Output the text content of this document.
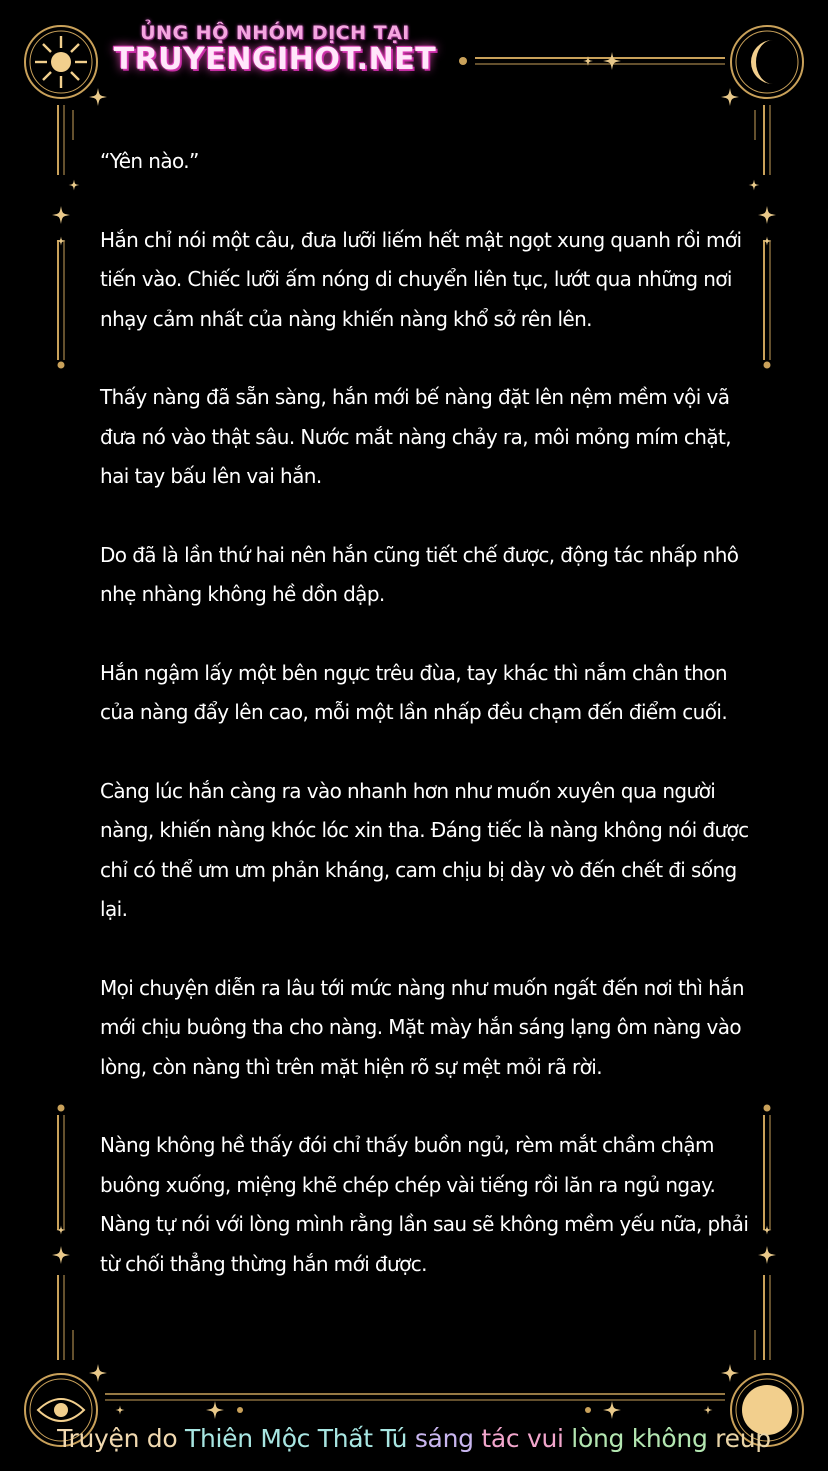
ỦNG HỘ NHÓM DỊCH TẠI
TRUYENGIHOT.NET

“Yên nào.”

Hắn chỉ nói một câu, đưa lưỡi liếm hết mật ngọt xung quanh rồi mới tiến vào. Chiếc lưỡi ấm nóng di chuyển liên tục, lướt qua những nơi nhạy cảm nhất của nàng khiến nàng khổ sở rên lên.

Thấy nàng đã sẵn sàng, hắn mới bế nàng đặt lên nệm mềm vội vã đưa nó vào thật sâu. Nước mắt nàng chảy ra, môi mỏng mím chặt, hai tay bấu lên vai hắn.

Do đã là lần thứ hai nên hắn cũng tiết chế được, động tác nhấp nhô nhẹ nhàng không hề dồn dập.

Hắn ngậm lấy một bên ngực trêu đùa, tay khác thì nắm chân thon của nàng đẩy lên cao, mỗi một lần nhấp đều chạm đến điểm cuối.

Càng lúc hắn càng ra vào nhanh hơn như muốn xuyên qua người nàng, khiến nàng khóc lóc xin tha. Đáng tiếc là nàng không nói được chỉ có thể ưm ưm phản kháng, cam chịu bị dày vò đến chết đi sống lại.

Mọi chuyện diễn ra lâu tới mức nàng như muốn ngất đến nơi thì hắn mới chịu buông tha cho nàng. Mặt mày hắn sáng lạng ôm nàng vào lòng, còn nàng thì trên mặt hiện rõ sự mệt mỏi rã rời.

Nàng không hề thấy đói chỉ thấy buồn ngủ, rèm mắt chầm chậm buông xuống, miệng khẽ chép chép vài tiếng rồi lăn ra ngủ ngay. Nàng tự nói với lòng mình rằng lần sau sẽ không mềm yếu nữa, phải từ chối thẳng thừng hắn mới được.

Truyện do Thiên Mộc Thất Tú sáng tác vui lòng không reup
